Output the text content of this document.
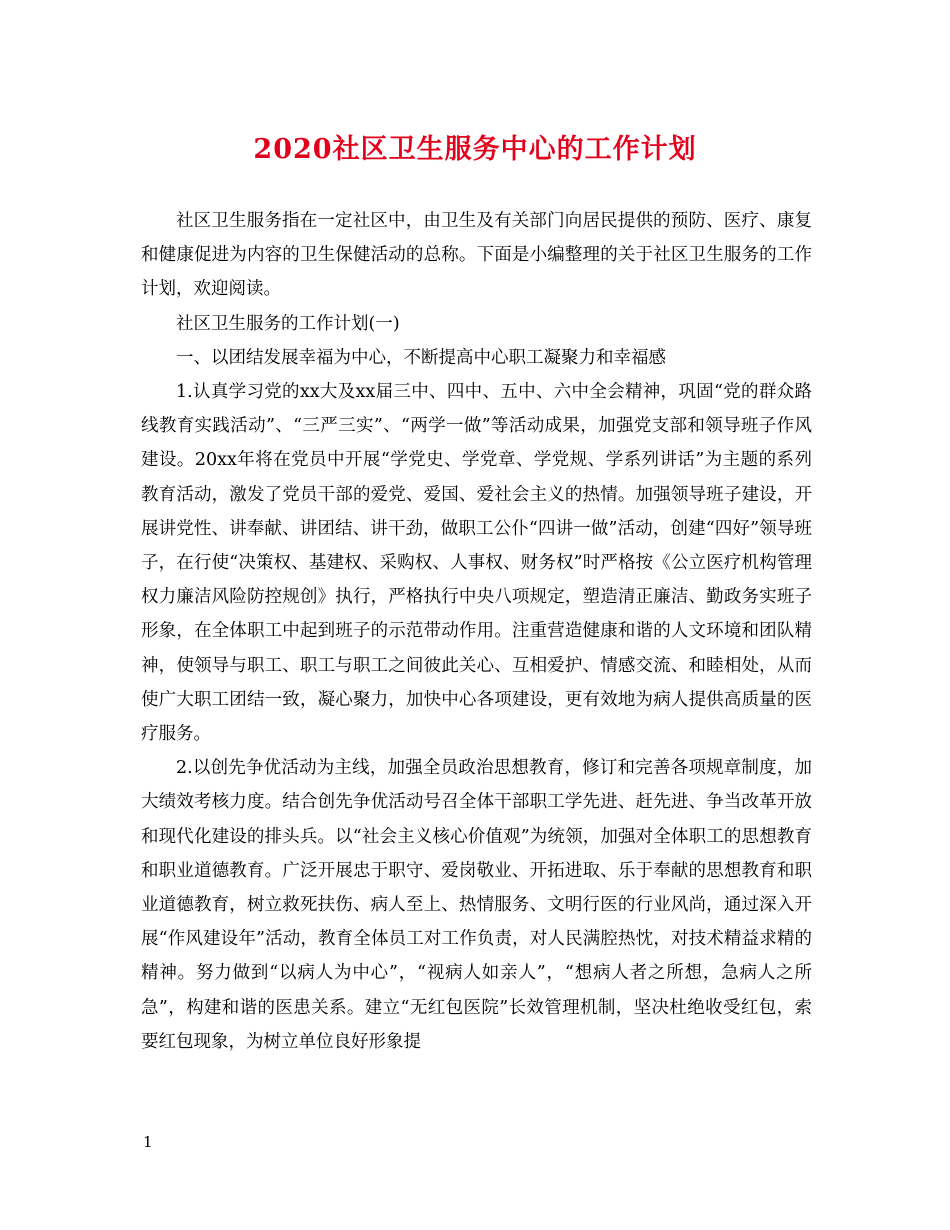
2020社区卫生服务中心的工作计划

社区卫生服务指在一定社区中，由卫生及有关部门向居民提供的预防、医疗、康复和健康促进为内容的卫生保健活动的总称。下面是小编整理的关于社区卫生服务的工作计划，欢迎阅读。

社区卫生服务的工作计划(一)

一、以团结发展幸福为中心，不断提高中心职工凝聚力和幸福感

1.认真学习党的xx大及xx届三中、四中、五中、六中全会精神，巩固“党的群众路线教育实践活动”、“三严三实”、“两学一做”等活动成果，加强党支部和领导班子作风建设。20xx年将在党员中开展“学党史、学党章、学党规、学系列讲话”为主题的系列教育活动，激发了党员干部的爱党、爱国、爱社会主义的热情。加强领导班子建设，开展讲党性、讲奉献、讲团结、讲干劲，做职工公仆“四讲一做”活动，创建“四好”领导班子，在行使“决策权、基建权、采购权、人事权、财务权”时严格按《公立医疗机构管理权力廉洁风险防控规创》执行，严格执行中央八项规定，塑造清正廉洁、勤政务实班子形象，在全体职工中起到班子的示范带动作用。注重营造健康和谐的人文环境和团队精神，使领导与职工、职工与职工之间彼此关心、互相爱护、情感交流、和睦相处，从而使广大职工团结一致，凝心聚力，加快中心各项建设，更有效地为病人提供高质量的医疗服务。

2.以创先争优活动为主线，加强全员政治思想教育，修订和完善各项规章制度，加大绩效考核力度。结合创先争优活动号召全体干部职工学先进、赶先进、争当改革开放和现代化建设的排头兵。以“社会主义核心价值观”为统领，加强对全体职工的思想教育和职业道德教育。广泛开展忠于职守、爱岗敬业、开拓进取、乐于奉献的思想教育和职业道德教育，树立救死扶伤、病人至上、热情服务、文明行医的行业风尚，通过深入开展“作风建设年”活动，教育全体员工对工作负责，对人民满腔热忱，对技术精益求精的精神。努力做到“以病人为中心”，“视病人如亲人”，“想病人者之所想，急病人之所急”，构建和谐的医患关系。建立“无红包医院”长效管理机制，坚决杜绝收受红包，索要红包现象，为树立单位良好形象提

1
